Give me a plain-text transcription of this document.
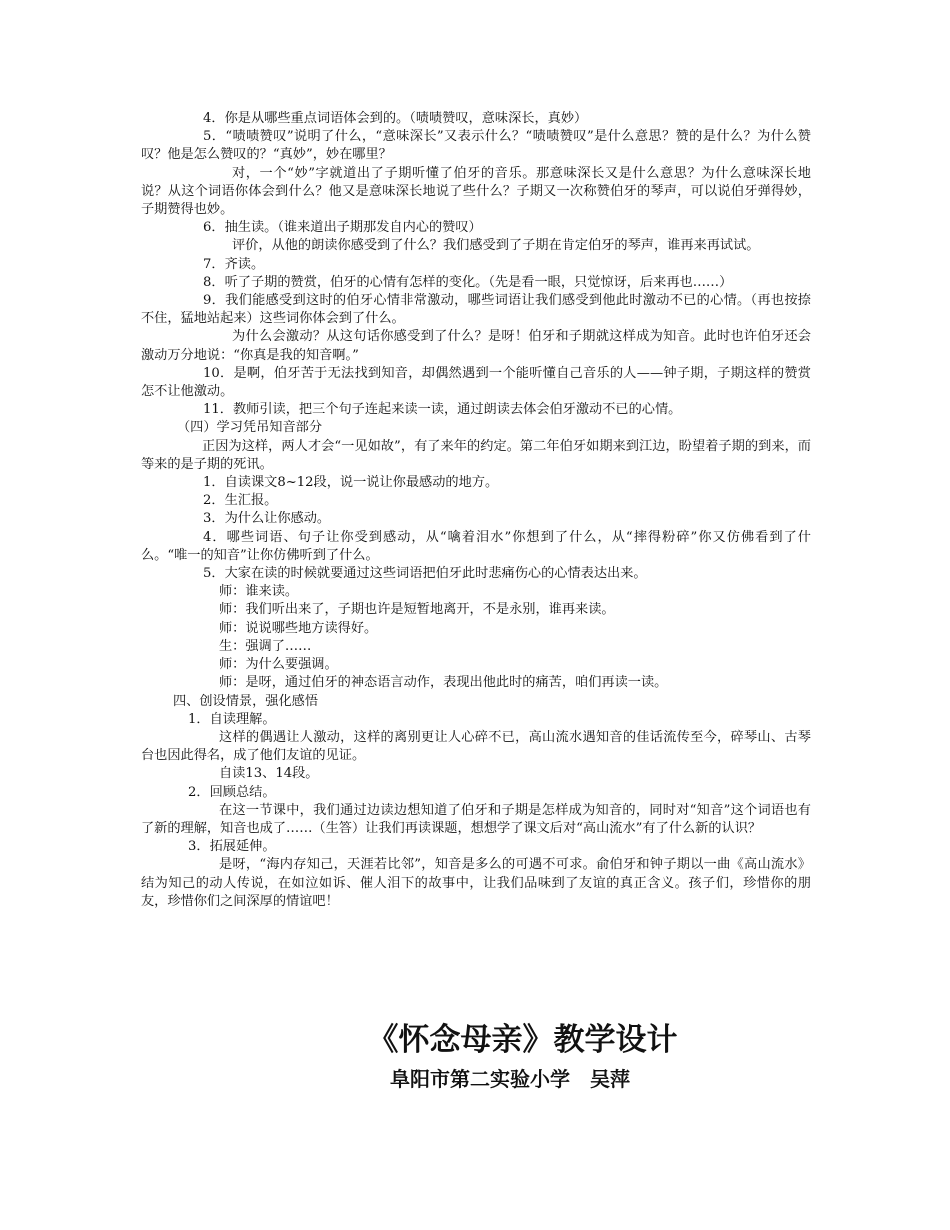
4．你是从哪些重点词语体会到的。（啧啧赞叹，意味深长，真妙）

5．“啧啧赞叹”说明了什么，“意味深长”又表示什么？“啧啧赞叹”是什么意思？赞的是什么？为什么赞叹？他是怎么赞叹的？“真妙”，妙在哪里？

对，一个“妙”字就道出了子期听懂了伯牙的音乐。那意味深长又是什么意思？为什么意味深长地说？从这个词语你体会到什么？他又是意味深长地说了些什么？子期又一次称赞伯牙的琴声，可以说伯牙弹得妙，子期赞得也妙。

6．抽生读。（谁来道出子期那发自内心的赞叹）

评价，从他的朗读你感受到了什么？我们感受到了子期在肯定伯牙的琴声，谁再来再试试。

7．齐读。

8．听了子期的赞赏，伯牙的心情有怎样的变化。（先是看一眼，只觉惊讶，后来再也……）

9．我们能感受到这时的伯牙心情非常激动，哪些词语让我们感受到他此时激动不已的心情。（再也按捺不住，猛地站起来）这些词你体会到了什么。

为什么会激动？从这句话你感受到了什么？是呀！伯牙和子期就这样成为知音。此时也许伯牙还会激动万分地说：“你真是我的知音啊。”

10．是啊，伯牙苦于无法找到知音，却偶然遇到一个能听懂自己音乐的人——钟子期，子期这样的赞赏怎不让他激动。

11．教师引读，把三个句子连起来读一读，通过朗读去体会伯牙激动不已的心情。

（四）学习凭吊知音部分

正因为这样，两人才会“一见如故”，有了来年的约定。第二年伯牙如期来到江边，盼望着子期的到来，而等来的是子期的死讯。

1．自读课文8~12段，说一说让你最感动的地方。

2．生汇报。

3．为什么让你感动。

4．哪些词语、句子让你受到感动，从“噙着泪水”你想到了什么，从“摔得粉碎”你又仿佛看到了什么。“唯一的知音”让你仿佛听到了什么。

5．大家在读的时候就要通过这些词语把伯牙此时悲痛伤心的心情表达出来。

师：谁来读。

师：我们听出来了，子期也许是短暂地离开，不是永别，谁再来读。

师：说说哪些地方读得好。

生：强调了……

师：为什么要强调。

师：是呀，通过伯牙的神态语言动作，表现出他此时的痛苦，咱们再读一读。

四、创设情景，强化感悟

1．自读理解。

这样的偶遇让人激动，这样的离别更让人心碎不已，高山流水遇知音的佳话流传至今，碎琴山、古琴台也因此得名，成了他们友谊的见证。

自读13、14段。

2．回顾总结。

在这一节课中，我们通过边读边想知道了伯牙和子期是怎样成为知音的，同时对“知音”这个词语也有了新的理解，知音也成了……（生答）让我们再读课题，想想学了课文后对“高山流水”有了什么新的认识？

3．拓展延伸。

是呀，“海内存知己，天涯若比邻”，知音是多么的可遇不可求。俞伯牙和钟子期以一曲《高山流水》结为知己的动人传说，在如泣如诉、催人泪下的故事中，让我们品味到了友谊的真正含义。孩子们，珍惜你的朋友，珍惜你们之间深厚的情谊吧！

《怀念母亲》教学设计
阜阳市第二实验小学　吴萍
